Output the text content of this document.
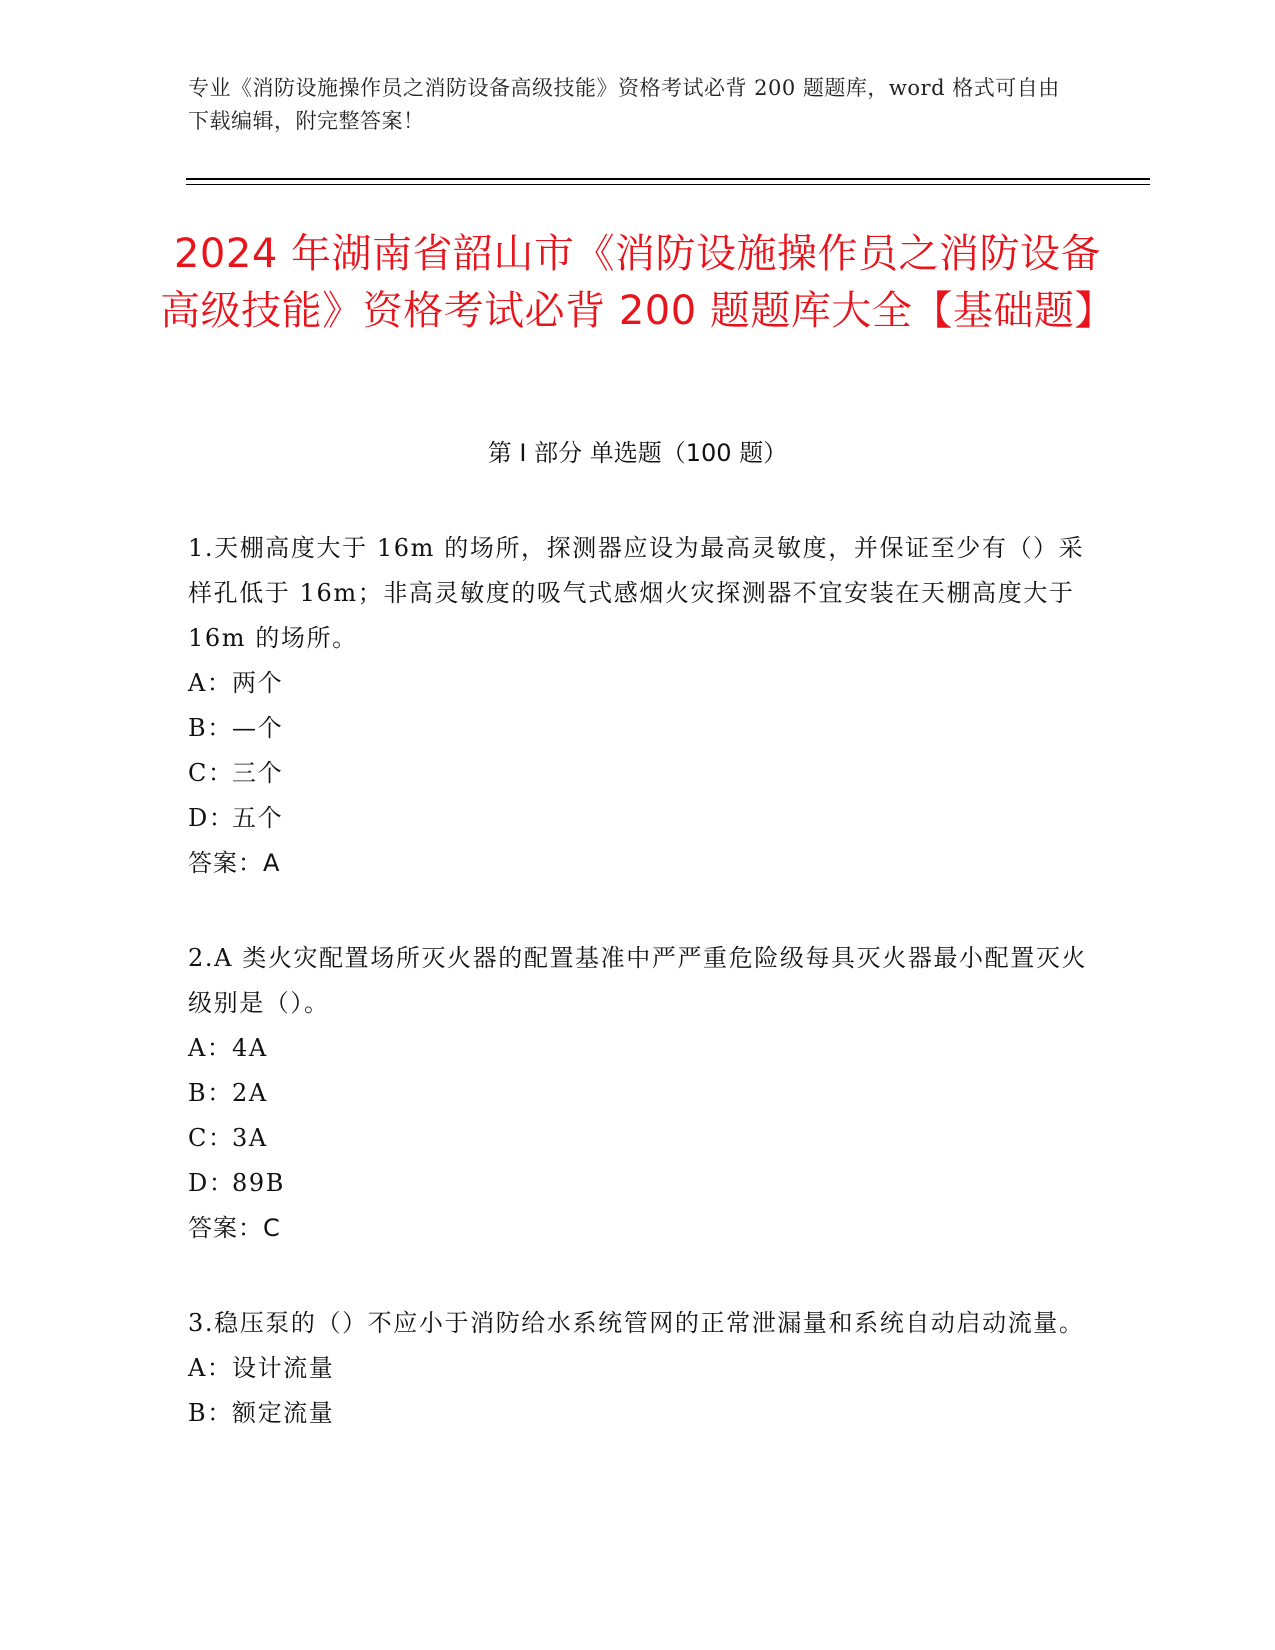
专业《消防设施操作员之消防设备高级技能》资格考试必背 200 题题库，word 格式可自由下载编辑，附完整答案！
2024 年湖南省韶山市《消防设施操作员之消防设备高级技能》资格考试必背 200 题题库大全【基础题】
第 I 部分 单选题（100 题）

1.天棚高度大于 16m 的场所，探测器应设为最高灵敏度，并保证至少有（）采样孔低于 16m；非高灵敏度的吸气式感烟火灾探测器不宜安装在天棚高度大于 16m 的场所。

A：两个

B：—个

C：三个

D：五个

答案：A

2.A 类火灾配置场所灭火器的配置基准中严严重危险级每具灭火器最小配置灭火级别是（）。

A：4A

B：2A

C：3A

D：89B

答案：C

3.稳压泵的（）不应小于消防给水系统管网的正常泄漏量和系统自动启动流量。

A：设计流量

B：额定流量
